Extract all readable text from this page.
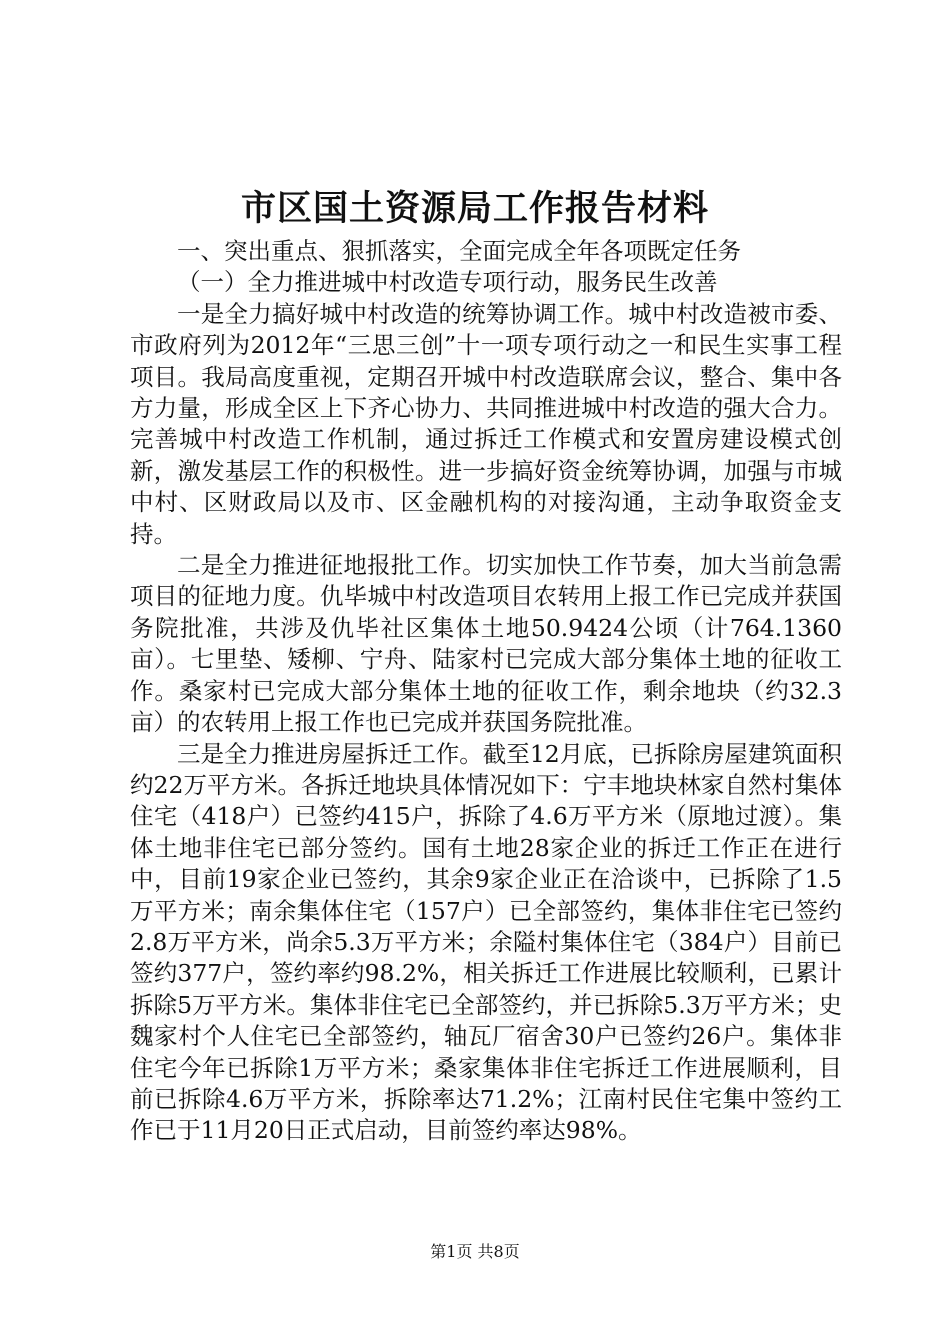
市区国土资源局工作报告材料

一、突出重点、狠抓落实，全面完成全年各项既定任务

（一）全力推进城中村改造专项行动，服务民生改善

一是全力搞好城中村改造的统筹协调工作。城中村改造被市委、市政府列为2012年“三思三创”十一项专项行动之一和民生实事工程项目。我局高度重视，定期召开城中村改造联席会议，整合、集中各方力量，形成全区上下齐心协力、共同推进城中村改造的强大合力。完善城中村改造工作机制，通过拆迁工作模式和安置房建设模式创新，激发基层工作的积极性。进一步搞好资金统筹协调，加强与市城中村、区财政局以及市、区金融机构的对接沟通，主动争取资金支持。

二是全力推进征地报批工作。切实加快工作节奏，加大当前急需项目的征地力度。仇毕城中村改造项目农转用上报工作已完成并获国务院批准，共涉及仇毕社区集体土地50.9424公顷（计764.1360亩）。七里垫、矮柳、宁舟、陆家村已完成大部分集体土地的征收工作。桑家村已完成大部分集体土地的征收工作，剩余地块（约32.3亩）的农转用上报工作也已完成并获国务院批准。

三是全力推进房屋拆迁工作。截至12月底，已拆除房屋建筑面积约22万平方米。各拆迁地块具体情况如下：宁丰地块林家自然村集体住宅（418户）已签约415户，拆除了4.6万平方米（原地过渡）。集体土地非住宅已部分签约。国有土地28家企业的拆迁工作正在进行中，目前19家企业已签约，其余9家企业正在洽谈中，已拆除了1.5万平方米；南余集体住宅（157户）已全部签约，集体非住宅已签约2.8万平方米，尚余5.3万平方米；余隘村集体住宅（384户）目前已签约377户，签约率约98.2%，相关拆迁工作进展比较顺利，已累计拆除5万平方米。集体非住宅已全部签约，并已拆除5.3万平方米；史魏家村个人住宅已全部签约，轴瓦厂宿舍30户已签约26户。集体非住宅今年已拆除1万平方米；桑家集体非住宅拆迁工作进展顺利，目前已拆除4.6万平方米，拆除率达71.2%；江南村民住宅集中签约工作已于11月20日正式启动，目前签约率达98%。

第1页 共8页
